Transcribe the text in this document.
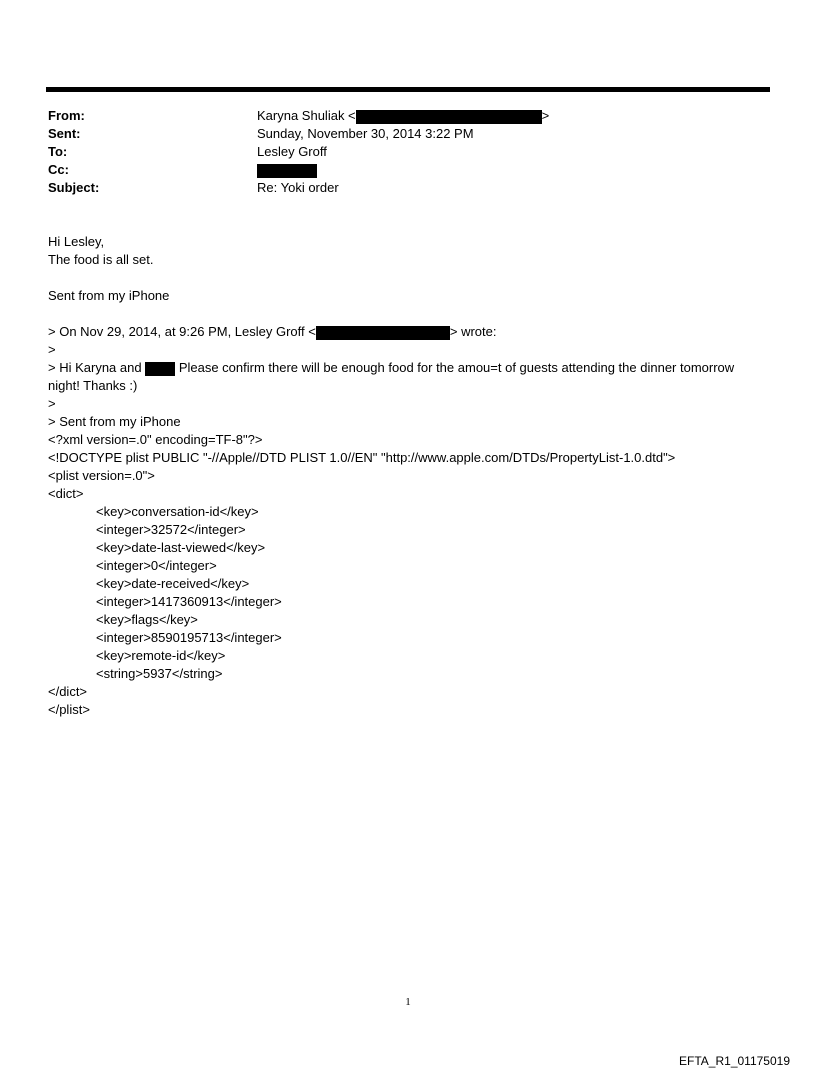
From:	Karyna Shuliak <	>
Sent:	Sunday, November 30, 2014 3:22 PM
To:	Lesley Groff
Cc:
Subject:	Re: Yoki order
Hi Lesley,
The food is all set.
Sent from my iPhone
> On Nov 29, 2014, at 9:26 PM, Lesley Groff <	> wrote:
>
> Hi Karyna and  Please confirm there will be enough food for the amou=t of guests attending the dinner tomorrow night! Thanks :)
>
> Sent from my iPhone
<?xml version=.0" encoding=TF-8"?>
<!DOCTYPE plist PUBLIC "-//Apple//DTD PLIST 1.0//EN" "http://www.apple.com/DTDs/PropertyList-1.0.dtd">
<plist version=.0">
<dict>
<key>conversation-id</key>
<integer>32572</integer>
<key>date-last-viewed</key>
<integer>0</integer>
<key>date-received</key>
<integer>1417360913</integer>
<key>flags</key>
<integer>8590195713</integer>
<key>remote-id</key>
<string>5937</string>
</dict>
</plist>
1
EFTA_R1_01175019
